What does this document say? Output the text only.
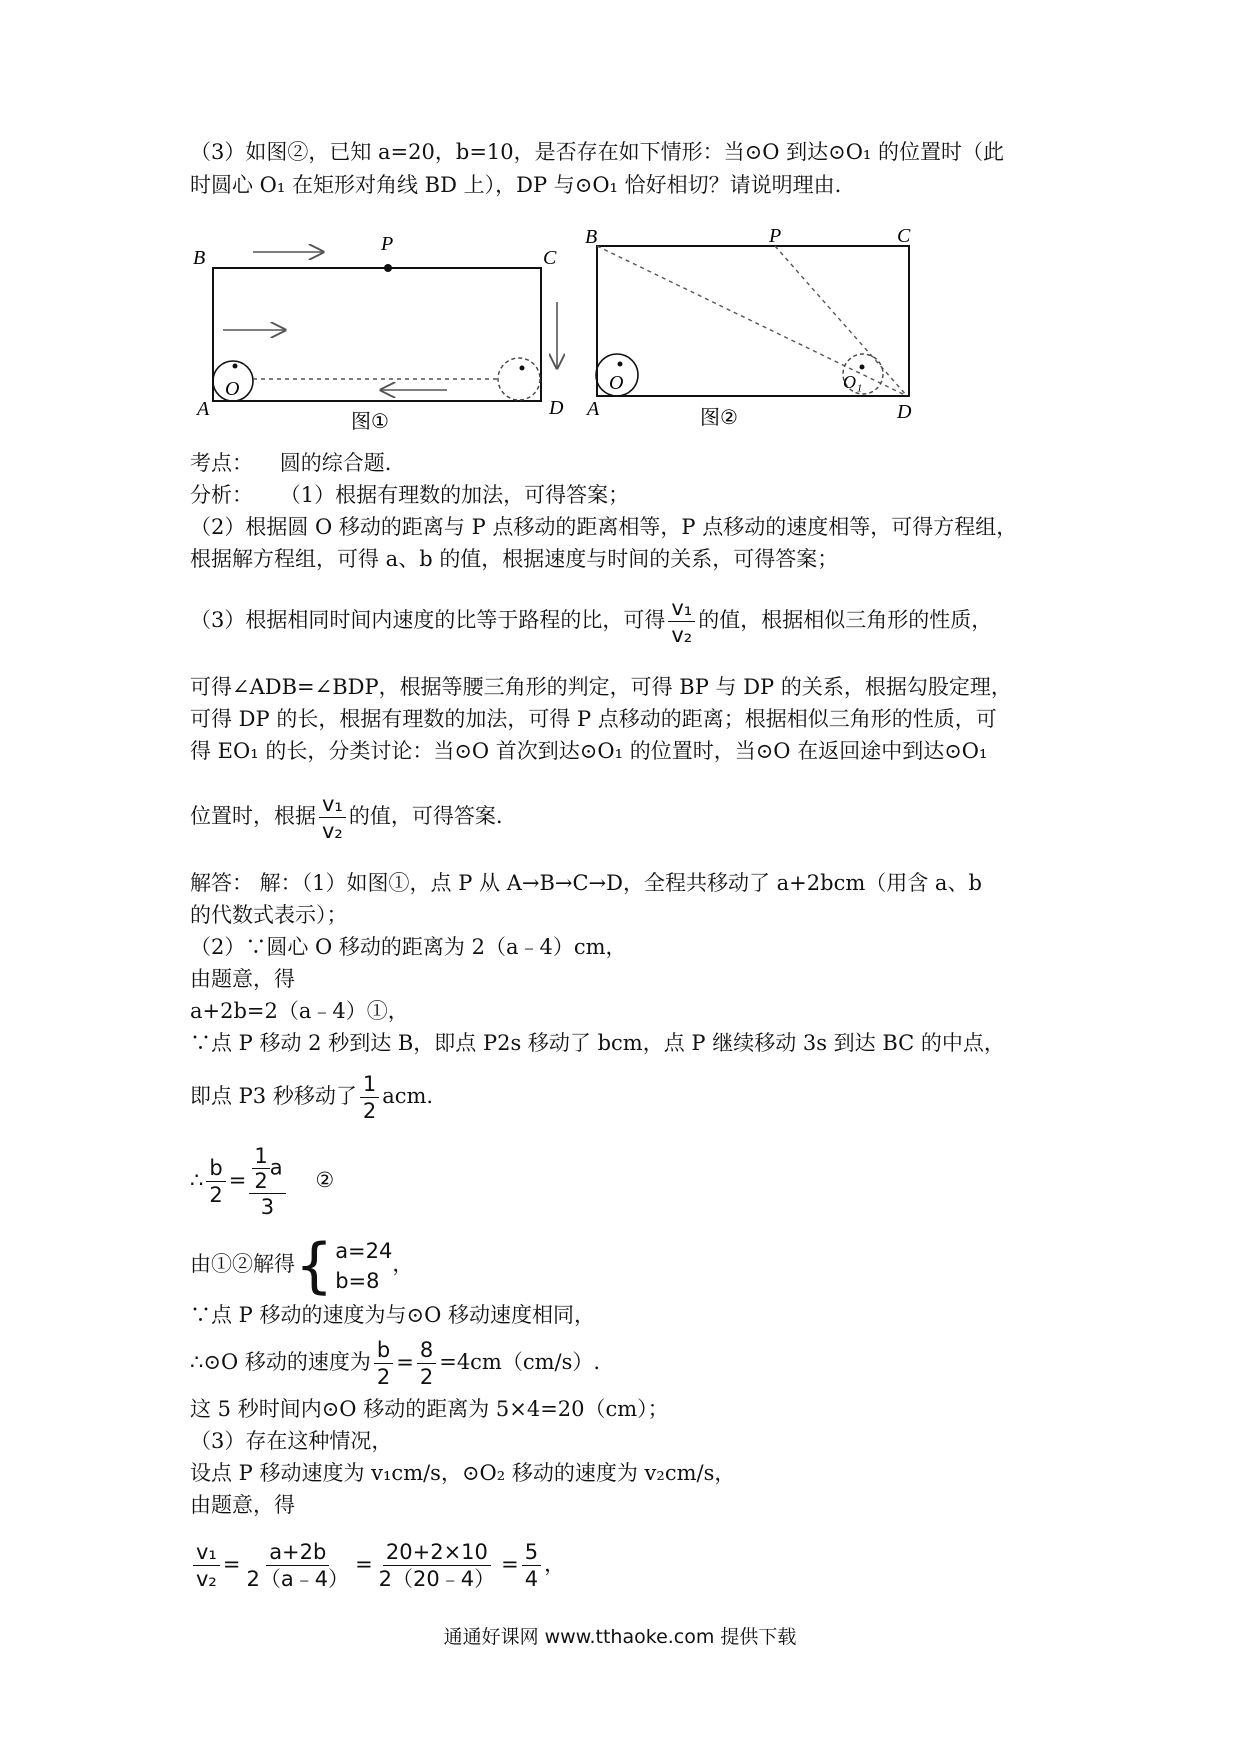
（3）如图②，已知 a=20，b=10，是否存在如下情形：当⊙O 到达⊙O₁ 的位置时（此
时圆心 O₁ 在矩形对角线 BD 上），DP 与⊙O₁ 恰好相切？请说明理由.
B
P
C
A
O
D
图①
B	P	C
A
O	O₁
D
图②
考点： 圆的综合题.
分析： （1）根据有理数的加法，可得答案；
（2）根据圆 O 移动的距离与 P 点移动的距离相等，P 点移动的速度相等，可得方程组，
根据解方程组，可得 a、b 的值，根据速度与时间的关系，可得答案；
（3）根据相同时间内速度的比等于路程的比，可得 $\frac{\text{v₁}}{\text{v₂}}$ 的值，根据相似三角形的性质，
可得∠ADB=∠BDP，根据等腰三角形的判定，可得 BP 与 DP 的关系，根据勾股定理，
可得 DP 的长，根据有理数的加法，可得 P 点移动的距离；根据相似三角形的性质，可
得 EO₁ 的长，分类讨论：当⊙O 首次到达⊙O₁ 的位置时，当⊙O 在返回途中到达⊙O₁
位置时，根据 $\frac{\text{v₁}}{\text{v₂}}$ 的值，可得答案.
解答： 解：（1）如图①，点 P 从 A→B→C→D，全程共移动了 a+2bcm（用含 a、b
的代数式表示）；
（2）∵圆心 O 移动的距离为 2（a﹣4）cm，
由题意，得
a+2b=2（a﹣4）①，
∵点 P 移动 2 秒到达 B，即点 P2s 移动了 bcm，点 P 继续移动 3s 到达 BC 的中点，
即点 P3 秒移动了 $\frac{1}{2}$ acm.
∴ $\frac{b}{2} = \frac{\frac{1}{2} a}{3}$ ②
由①②解得 { a=24
b=8
，
∵点 P 移动的速度为与⊙O 移动速度相同，
∴⊙O 移动的速度为 $\frac{b}{2} = \frac{8}{2} =4cm(cm/s)$.
这 5 秒时间内⊙O 移动的距离为 5×4=20（cm）；
（3）存在这种情况，
设点 P 移动速度为 v₁cm/s，⊙O₂ 移动的速度为 v₂cm/s，
由题意，得
$\frac{\text{v₁}}{\text{v₂}} = \frac{a+2b}{2(a﹣4)} = \frac{20+2\times 10}{2(20﹣4)} = \frac{5}{4}$ ，
通通好课网 www.tthaoke.com 提供下载
